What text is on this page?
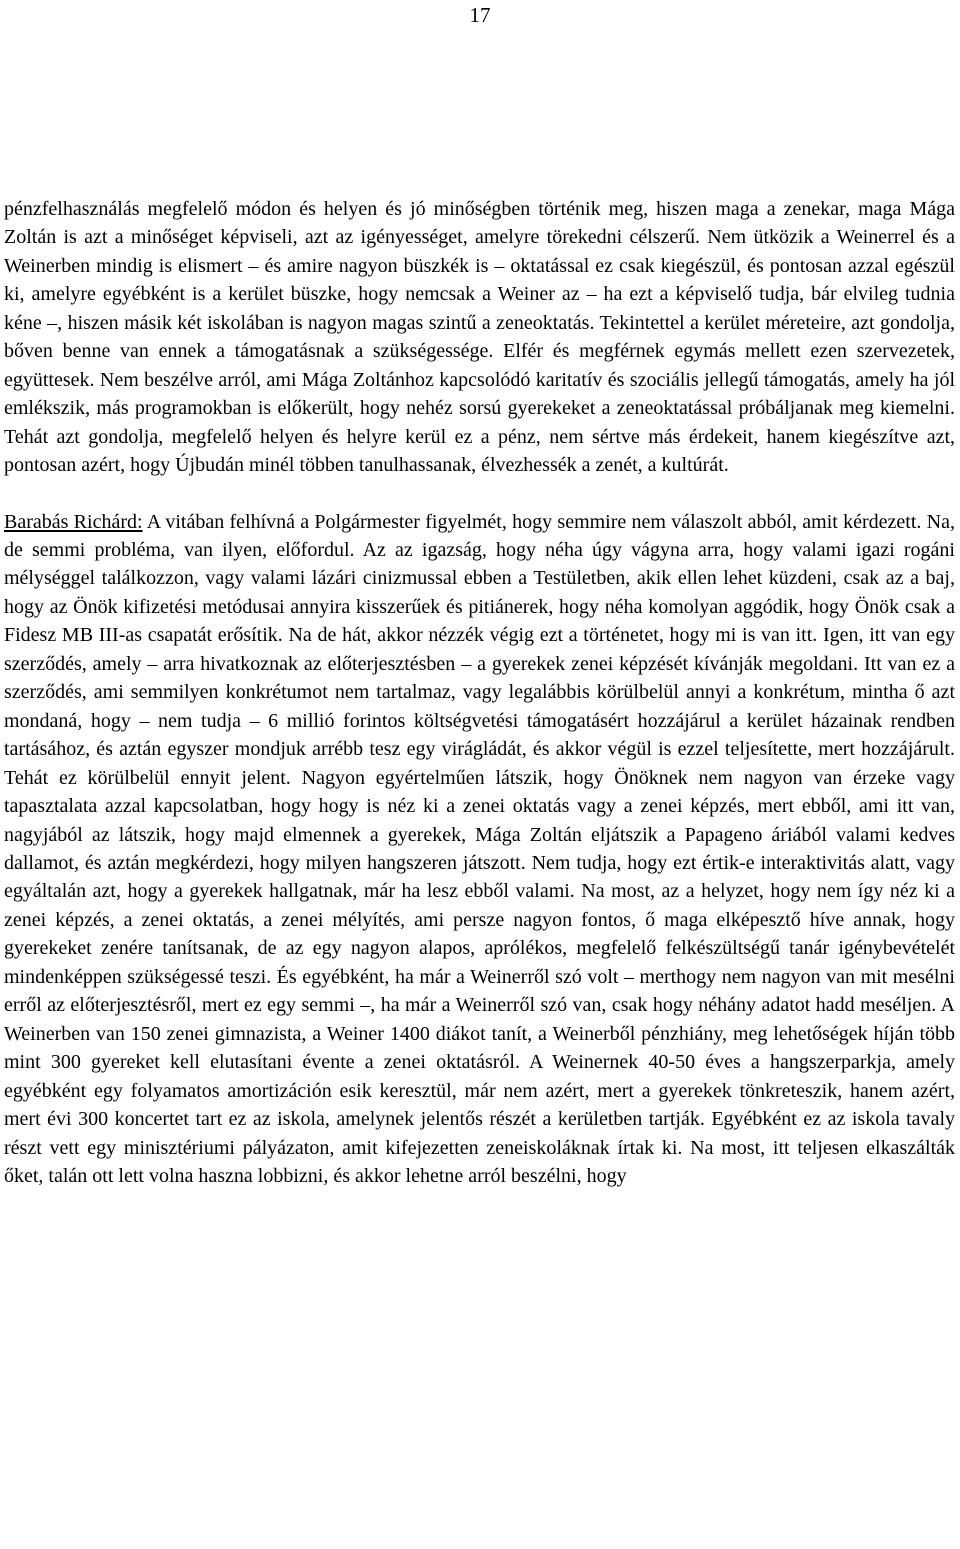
17

pénzfelhasználás megfelelő módon és helyen és jó minőségben történik meg, hiszen maga a zenekar, maga Mága Zoltán is azt a minőséget képviseli, azt az igényességet, amelyre törekedni célszerű. Nem ütközik a Weinerrel és a Weinerben mindig is elismert – és amire nagyon büszkék is – oktatással ez csak kiegészül, és pontosan azzal egészül ki, amelyre egyébként is a kerület büszke, hogy nemcsak a Weiner az – ha ezt a képviselő tudja, bár elvileg tudnia kéne –, hiszen másik két iskolában is nagyon magas szintű a zeneoktatás. Tekintettel a kerület méreteire, azt gondolja, bőven benne van ennek a támogatásnak a szükségessége. Elfér és megférnek egymás mellett ezen szervezetek, együttesek. Nem beszélve arról, ami Mága Zoltánhoz kapcsolódó karitatív és szociális jellegű támogatás, amely ha jól emlékszik, más programokban is előkerült, hogy nehéz sorsú gyerekeket a zeneoktatással próbáljanak meg kiemelni. Tehát azt gondolja, megfelelő helyen és helyre kerül ez a pénz, nem sértve más érdekeit, hanem kiegészítve azt, pontosan azért, hogy Újbudán minél többen tanulhassanak, élvezhessék a zenét, a kultúrát.

Barabás Richárd: A vitában felhívná a Polgármester figyelmét, hogy semmire nem válaszolt abból, amit kérdezett. Na, de semmi probléma, van ilyen, előfordul. Az az igazság, hogy néha úgy vágyna arra, hogy valami igazi rogáni mélységgel találkozzon, vagy valami lázári cinizmussal ebben a Testületben, akik ellen lehet küzdeni, csak az a baj, hogy az Önök kifizetési metódusai annyira kisszerűek és pitiánerek, hogy néha komolyan aggódik, hogy Önök csak a Fidesz MB III-as csapatát erősítik. Na de hát, akkor nézzék végig ezt a történetet, hogy mi is van itt. Igen, itt van egy szerződés, amely – arra hivatkoznak az előterjesztésben – a gyerekek zenei képzését kívánják megoldani. Itt van ez a szerződés, ami semmilyen konkrétumot nem tartalmaz, vagy legalábbis körülbelül annyi a konkrétum, mintha ő azt mondaná, hogy – nem tudja – 6 millió forintos költségvetési támogatásért hozzájárul a kerület házainak rendben tartásához, és aztán egyszer mondjuk arrébb tesz egy virágládát, és akkor végül is ezzel teljesítette, mert hozzájárult. Tehát ez körülbelül ennyit jelent. Nagyon egyértelműen látszik, hogy Önöknek nem nagyon van érzeke vagy tapasztalata azzal kapcsolatban, hogy hogy is néz ki a zenei oktatás vagy a zenei képzés, mert ebből, ami itt van, nagyjából az látszik, hogy majd elmennek a gyerekek, Mága Zoltán eljátszik a Papageno áriából valami kedves dallamot, és aztán megkérdezi, hogy milyen hangszeren játszott. Nem tudja, hogy ezt értik-e interaktivitás alatt, vagy egyáltalán azt, hogy a gyerekek hallgatnak, már ha lesz ebből valami. Na most, az a helyzet, hogy nem így néz ki a zenei képzés, a zenei oktatás, a zenei mélyítés, ami persze nagyon fontos, ő maga elképesztő híve annak, hogy gyerekeket zenére tanítsanak, de az egy nagyon alapos, aprólékos, megfelelő felkészültségű tanár igénybevételét mindenképpen szükségessé teszi. És egyébként, ha már a Weinerről szó volt – merthogy nem nagyon van mit mesélni erről az előterjesztésről, mert ez egy semmi –, ha már a Weinerről szó van, csak hogy néhány adatot hadd meséljen. A Weinerben van 150 zenei gimnazista, a Weiner 1400 diákot tanít, a Weinerből pénzhiány, meg lehetőségek híján több mint 300 gyereket kell elutasítani évente a zenei oktatásról. A Weinernek 40-50 éves a hangszerparkja, amely egyébként egy folyamatos amortizáción esik keresztül, már nem azért, mert a gyerekek tönkreteszik, hanem azért, mert évi 300 koncertet tart ez az iskola, amelynek jelentős részét a kerületben tartják. Egyébként ez az iskola tavaly részt vett egy minisztériumi pályázaton, amit kifejezetten zeneiskoláknak írtak ki. Na most, itt teljesen elkaszálták őket, talán ott lett volna haszna lobbizni, és akkor lehetne arról beszélni, hogy
